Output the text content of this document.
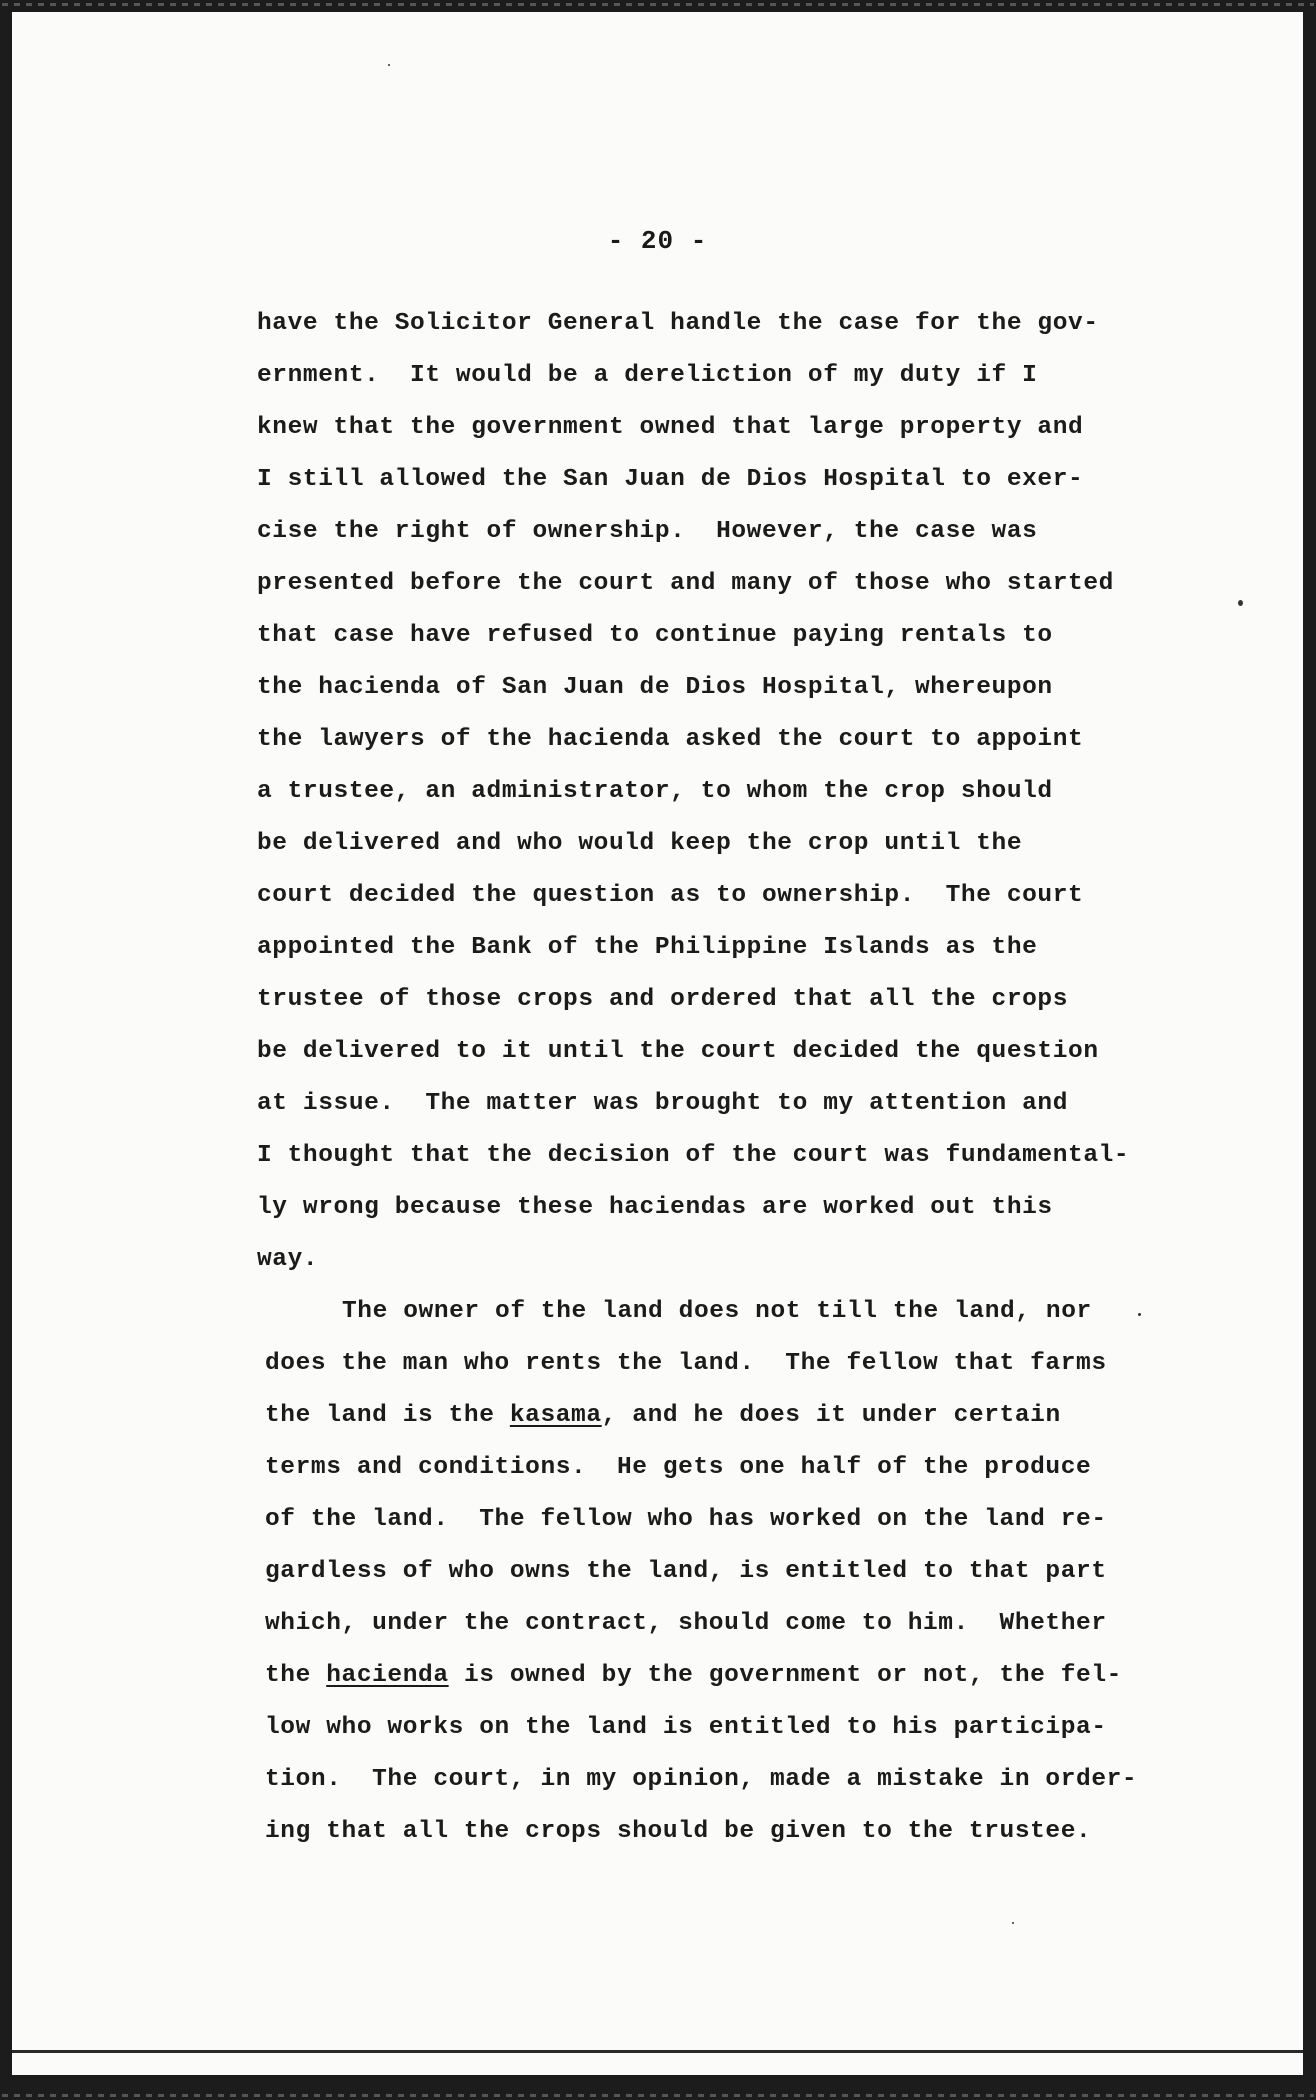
- 20 -
have the Solicitor General handle the case for the gov-
ernment.  It would be a dereliction of my duty if I
knew that the government owned that large property and
I still allowed the San Juan de Dios Hospital to exer-
cise the right of ownership.  However, the case was
presented before the court and many of those who started
that case have refused to continue paying rentals to
the hacienda of San Juan de Dios Hospital, whereupon
the lawyers of the hacienda asked the court to appoint
a trustee, an administrator, to whom the crop should
be delivered and who would keep the crop until the
court decided the question as to ownership.  The court
appointed the Bank of the Philippine Islands as the
trustee of those crops and ordered that all the crops
be delivered to it until the court decided the question
at issue.  The matter was brought to my attention and
I thought that the decision of the court was fundamental-
ly wrong because these haciendas are worked out this
way.
The owner of the land does not till the land, nor
does the man who rents the land.  The fellow that farms
the land is the kasama, and he does it under certain
terms and conditions.  He gets one half of the produce
of the land.  The fellow who has worked on the land re-
gardless of who owns the land, is entitled to that part
which, under the contract, should come to him.  Whether
the hacienda is owned by the government or not, the fel-
low who works on the land is entitled to his participa-
tion.  The court, in my opinion, made a mistake in order-
ing that all the crops should be given to the trustee.
